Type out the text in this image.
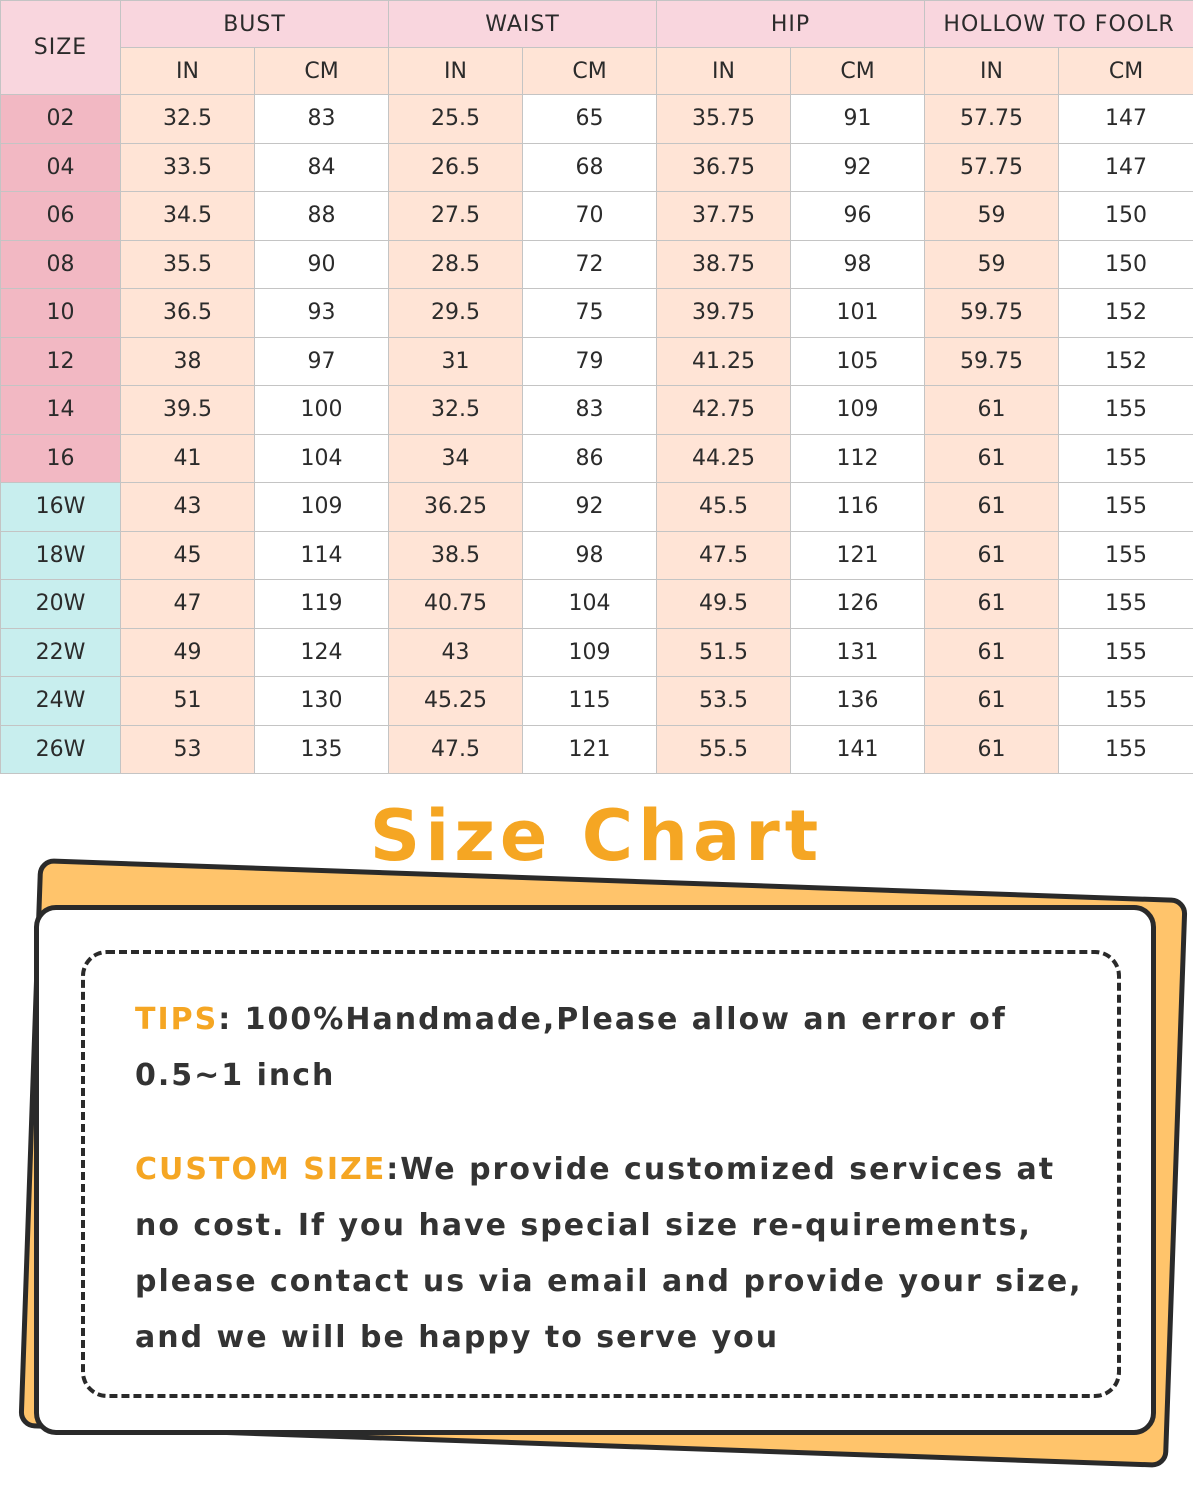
SIZE	BUST		WAIST		HIP		HOLLOW TO FOOLR	
	IN	CM	IN	CM	IN	CM	IN	CM
02	32.5	83	25.5	65	35.75	91	57.75	147
04	33.5	84	26.5	68	36.75	92	57.75	147
06	34.5	88	27.5	70	37.75	96	59	150
08	35.5	90	28.5	72	38.75	98	59	150
10	36.5	93	29.5	75	39.75	101	59.75	152
12	38	97	31	79	41.25	105	59.75	152
14	39.5	100	32.5	83	42.75	109	61	155
16	41	104	34	86	44.25	112	61	155
16W	43	109	36.25	92	45.5	116	61	155
18W	45	114	38.5	98	47.5	121	61	155
20W	47	119	40.75	104	49.5	126	61	155
22W	49	124	43	109	51.5	131	61	155
24W	51	130	45.25	115	53.5	136	61	155
26W	53	135	47.5	121	55.5	141	61	155
Size Chart

TIPS: 100%Handmade,Please allow an error of 0.5~1 inch

CUSTOM SIZE:We provide customized services at no cost. If you have special size re-quirements, please contact us via email and provide your size, and we will be happy to serve you
